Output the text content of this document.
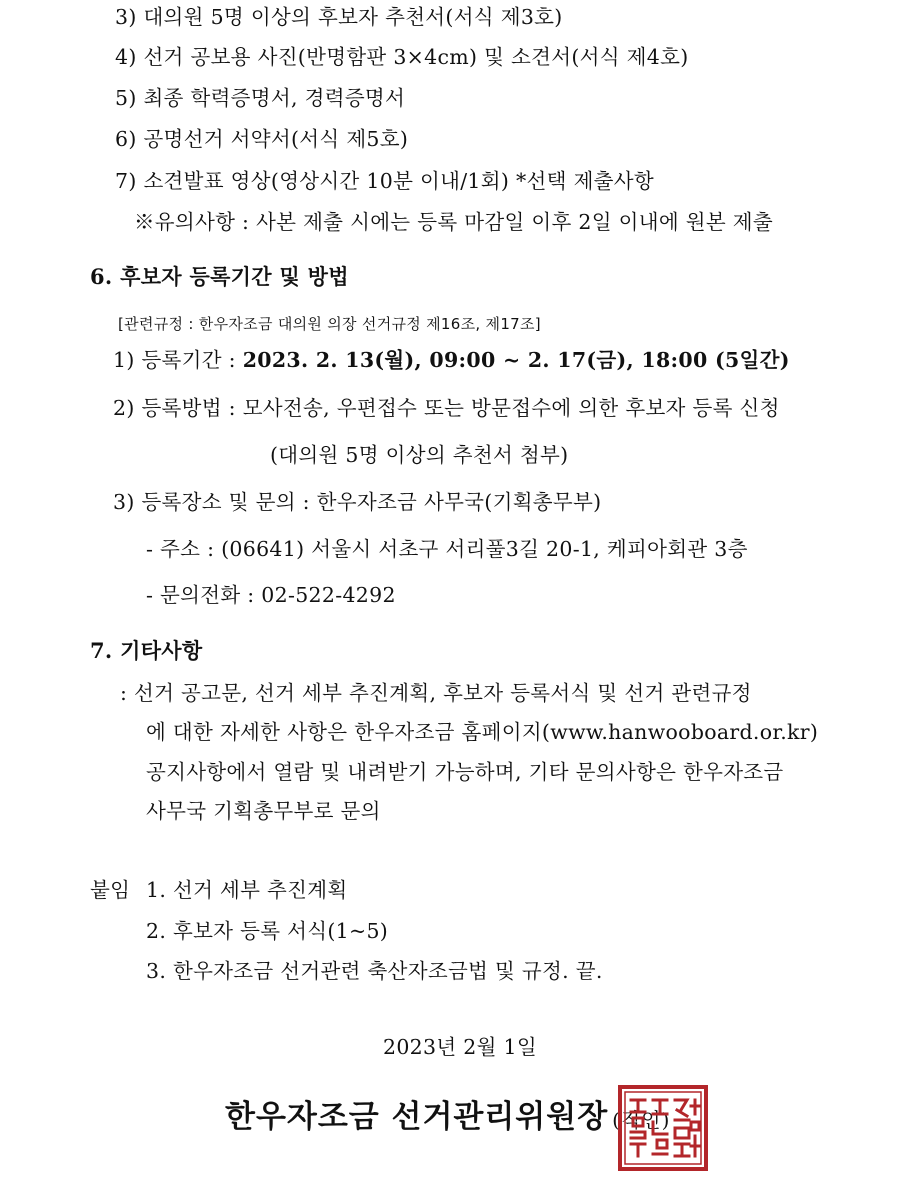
3) 대의원 5명 이상의 후보자 추천서(서식 제3호)
4) 선거 공보용 사진(반명함판 3×4cm) 및 소견서(서식 제4호)
5) 최종 학력증명서, 경력증명서
6) 공명선거 서약서(서식 제5호)
7) 소견발표 영상(영상시간 10분 이내/1회) *선택 제출사항
※유의사항 : 사본 제출 시에는 등록 마감일 이후 2일 이내에 원본 제출
6. 후보자 등록기간 및 방법
[관련규정 : 한우자조금 대의원 의장 선거규정 제16조, 제17조]
1) 등록기간 : 2023. 2. 13(월), 09:00 ~ 2. 17(금), 18:00 (5일간)
2) 등록방법 : 모사전송, 우편접수 또는 방문접수에 의한 후보자 등록 신청
(대의원 5명 이상의 추천서 첨부)
3) 등록장소 및 문의 : 한우자조금 사무국(기획총무부)
- 주소 : (06641) 서울시 서초구 서리풀3길 20-1, 케피아회관 3층
- 문의전화 : 02-522-4292
7. 기타사항
: 선거 공고문, 선거 세부 추진계획, 후보자 등록서식 및 선거 관련규정
에 대한 자세한 사항은 한우자조금 홈페이지(www.hanwooboard.or.kr)
공지사항에서 열람 및 내려받기 가능하며, 기타 문의사항은 한우자조금
사무국 기획총무부로 문의
붙임 1. 선거 세부 추진계획
2. 후보자 등록 서식(1~5)
3. 한우자조금 선거관련 축산자조금법 및 규정. 끝.
2023년 2월 1일
한우자조금 선거관리위원장 (직인)
